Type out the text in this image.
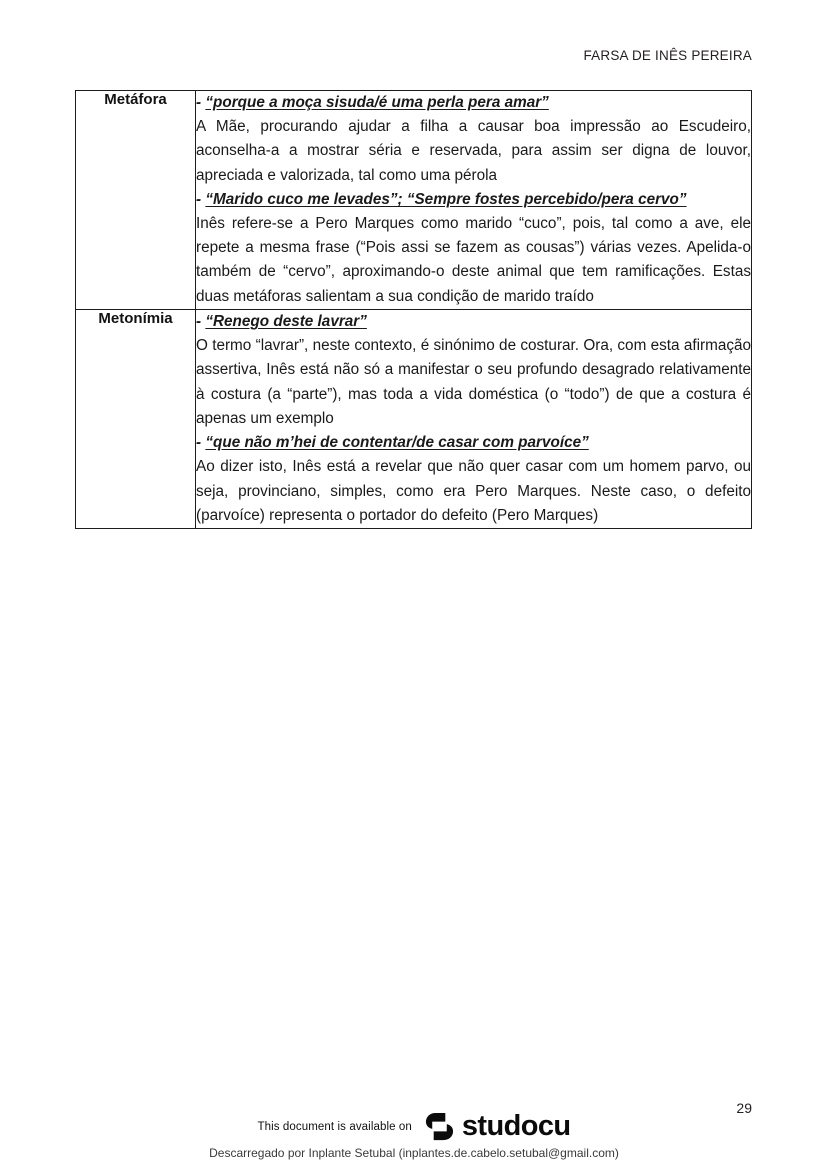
FARSA DE INÊS PEREIRA
Metáfora	- “porque a moça sisuda/é uma perla pera amar”

A Mãe, procurando ajudar a filha a causar boa impressão ao Escudeiro, aconselha-a a mostrar séria e reservada, para assim ser digna de louvor, apreciada e valorizada, tal como uma pérola

- “Marido cuco me levades”; “Sempre fostes percebido/pera cervo”

Inês refere-se a Pero Marques como marido “cuco”, pois, tal como a ave, ele repete a mesma frase (“Pois assi se fazem as cousas”) várias vezes. Apelida-o também de “cervo”, aproximando-o deste animal que tem ramificações. Estas duas metáforas salientam a sua condição de marido traído

Metonímia	- “Renego deste lavrar”

O termo “lavrar”, neste contexto, é sinónimo de costurar. Ora, com esta afirmação assertiva, Inês está não só a manifestar o seu profundo desagrado relativamente à costura (a “parte”), mas toda a vida doméstica (o “todo”) de que a costura é apenas um exemplo

- “que não m’hei de contentar/de casar com parvoíce”

Ao dizer isto, Inês está a revelar que não quer casar com um homem parvo, ou seja, provinciano, simples, como era Pero Marques. Neste caso, o defeito (parvoíce) representa o portador do defeito (Pero Marques)

29
This document is available on studocu
Descarregado por Inplante Setubal (inplantes.de.cabelo.setubal@gmail.com)
